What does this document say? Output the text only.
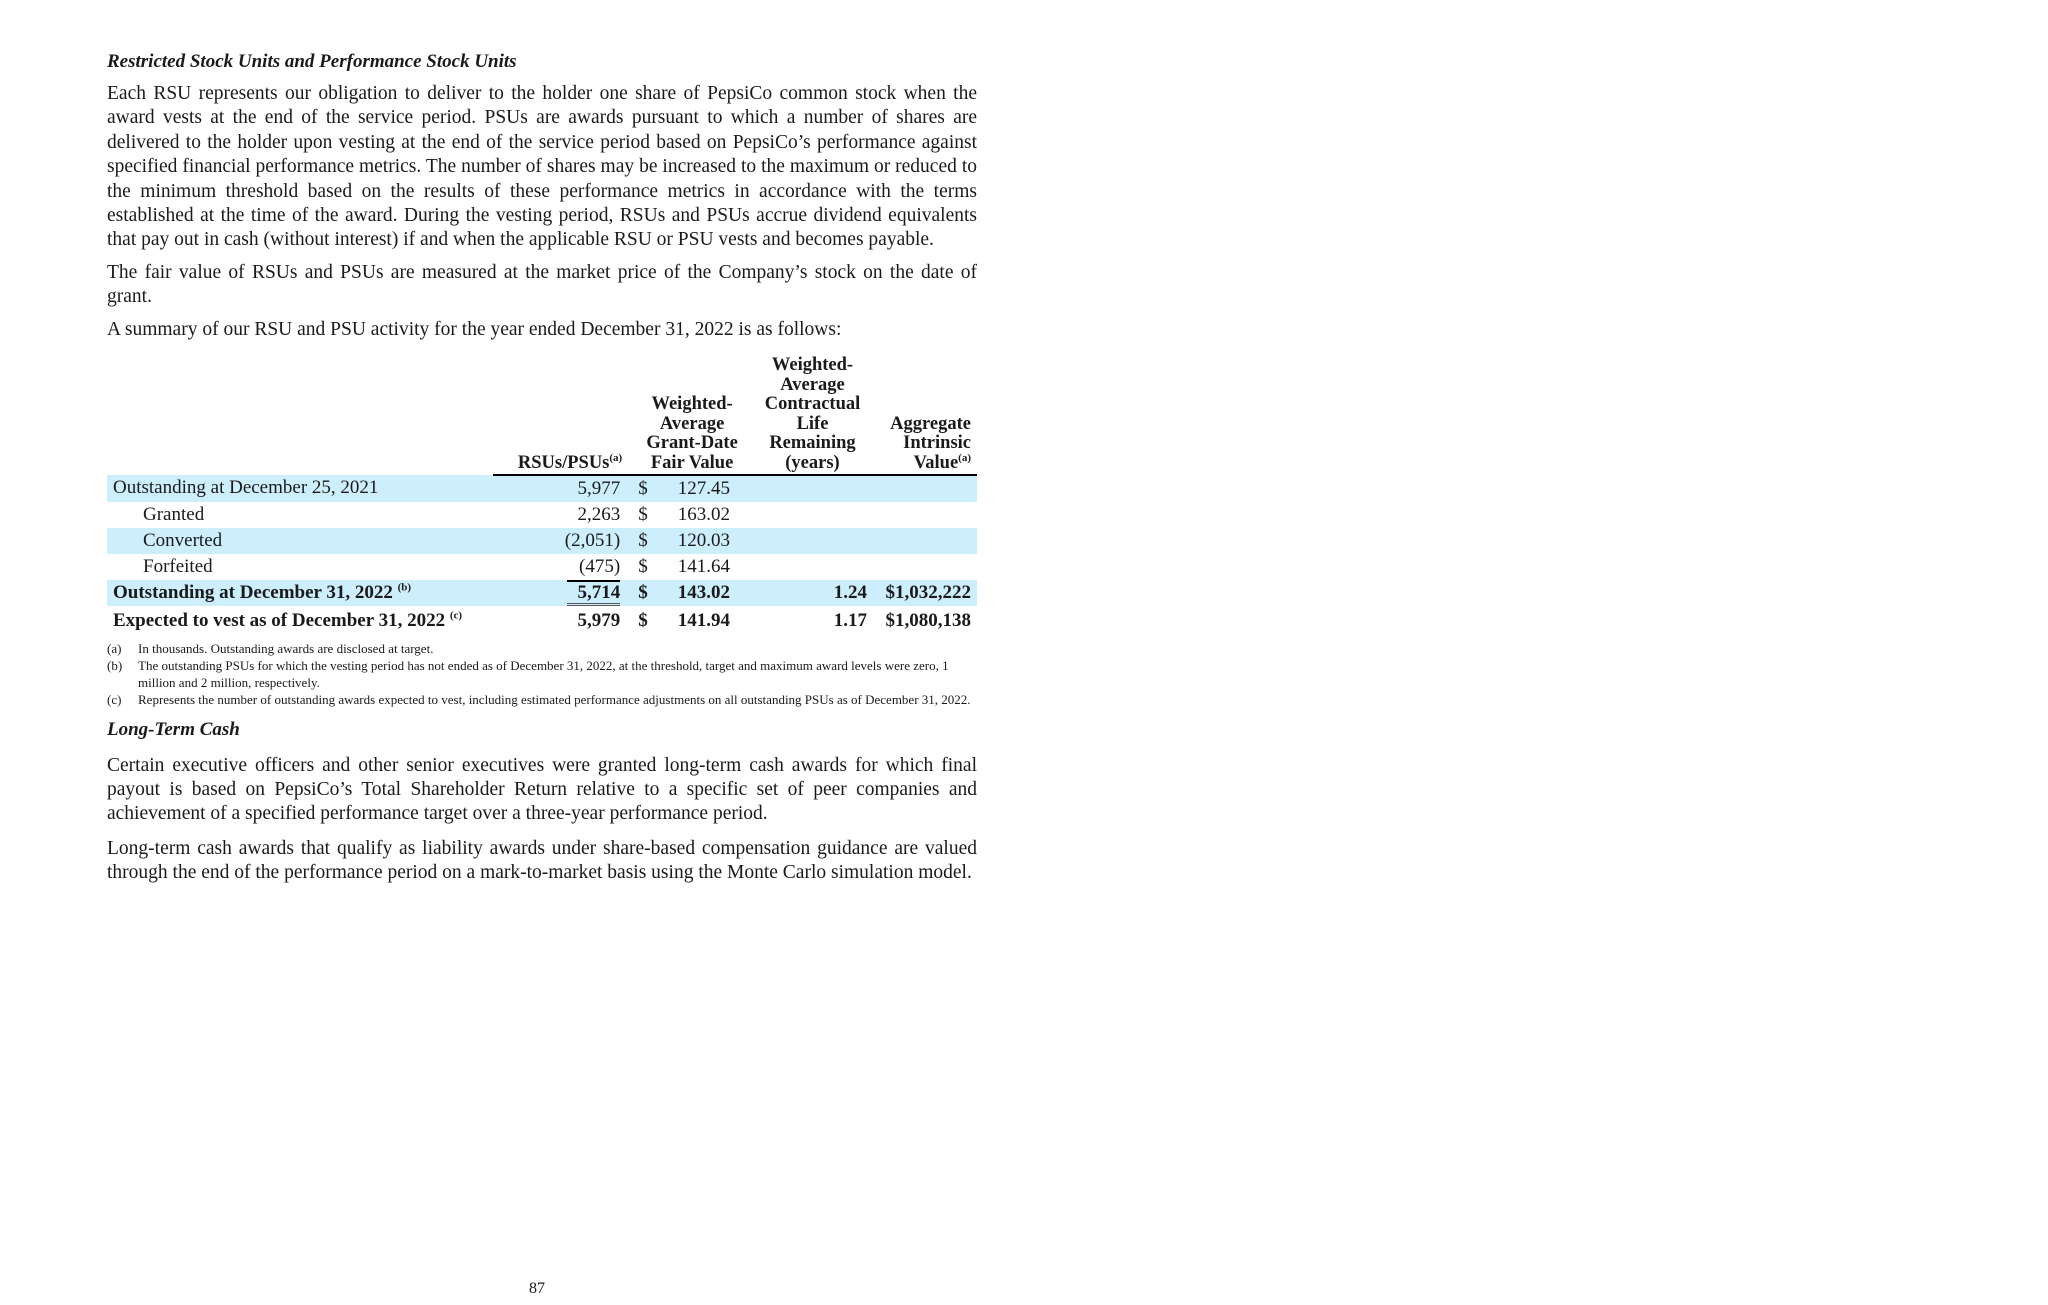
Restricted Stock Units and Performance Stock Units

Each RSU represents our obligation to deliver to the holder one share of PepsiCo common stock when the award vests at the end of the service period. PSUs are awards pursuant to which a number of shares are delivered to the holder upon vesting at the end of the service period based on PepsiCo’s performance against specified financial performance metrics. The number of shares may be increased to the maximum or reduced to the minimum threshold based on the results of these performance metrics in accordance with the terms established at the time of the award. During the vesting period, RSUs and PSUs accrue dividend equivalents that pay out in cash (without interest) if and when the applicable RSU or PSU vests and becomes payable.

The fair value of RSUs and PSUs are measured at the market price of the Company’s stock on the date of grant.

A summary of our RSU and PSU activity for the year ended December 31, 2022 is as follows:

	RSUs/PSUs$^{(a)}$	Weighted- Average Grant-Date Fair Value		Weighted- Average Contractual Life Remaining (years)	Aggregate Intrinsic Value$^{(a)}$
Outstanding at December 25, 2021	5,977	$	127.45		
Granted	2,263	$	163.02		
Converted	(2,051)	$	120.03		
Forfeited	(475)	$	141.64		
Outstanding at December 31, 2022 $^{(b)}$	5,714	$	143.02	1.24	$1,032,222
Expected to vest as of December 31, 2022 $^{(c)}$	5,979	$	141.94	1.17	$1,080,138
(a)	In thousands. Outstanding awards are disclosed at target.
(b)	The outstanding PSUs for which the vesting period has not ended as of December 31, 2022, at the threshold, target and maximum award levels were zero, 1 million and 2 million, respectively.
(c)	Represents the number of outstanding awards expected to vest, including estimated performance adjustments on all outstanding PSUs as of December 31, 2022.
Long-Term Cash

Certain executive officers and other senior executives were granted long-term cash awards for which final payout is based on PepsiCo’s Total Shareholder Return relative to a specific set of peer companies and achievement of a specified performance target over a three-year performance period.

Long-term cash awards that qualify as liability awards under share-based compensation guidance are valued through the end of the performance period on a mark-to-market basis using the Monte Carlo simulation model.

87
